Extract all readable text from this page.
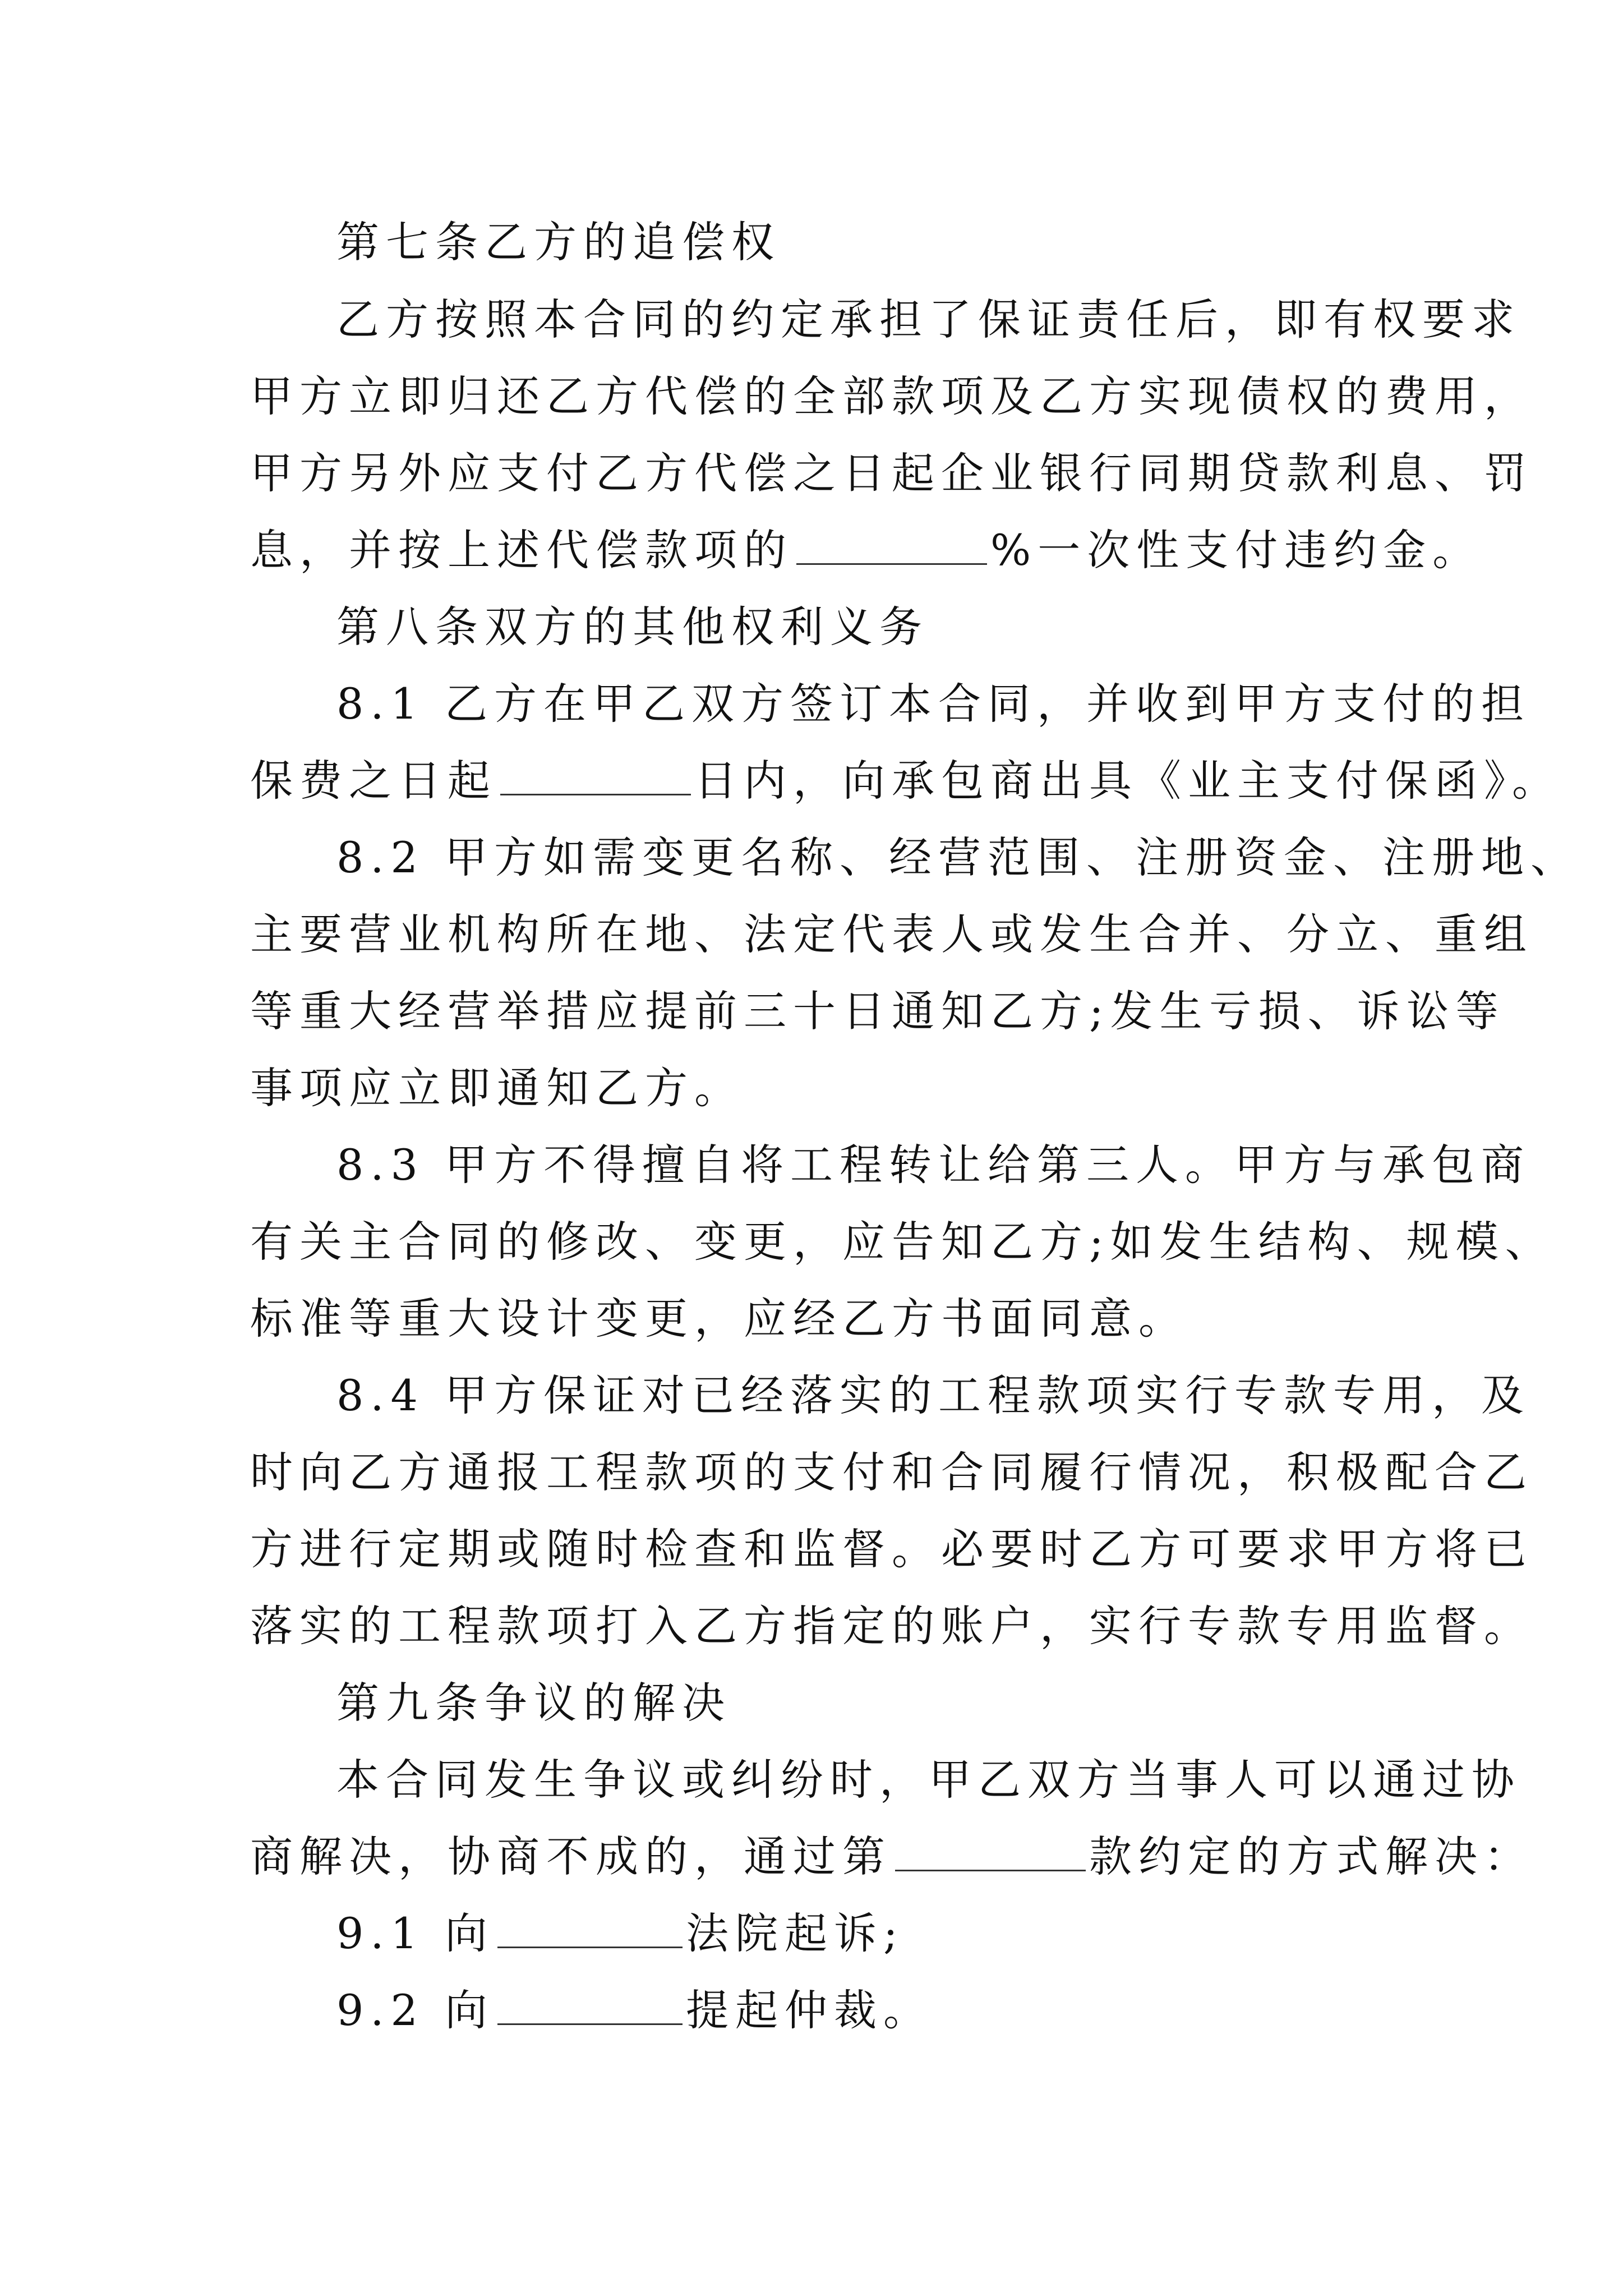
第七条乙方的追偿权

乙方按照本合同的约定承担了保证责任后，即有权要求

甲方立即归还乙方代偿的全部款项及乙方实现债权的费用，

甲方另外应支付乙方代偿之日起企业银行同期贷款利息、罚

息，并按上述代偿款项的	%一次性支付违约金。

第八条双方的其他权利义务

8.1 乙方在甲乙双方签订本合同，并收到甲方支付的担

保费之日起	日内，向承包商出具《业主支付保函》。

8.2 甲方如需变更名称、经营范围、注册资金、注册地、

主要营业机构所在地、法定代表人或发生合并、分立、重组

等重大经营举措应提前三十日通知乙方;发生亏损、诉讼等

事项应立即通知乙方。

8.3 甲方不得擅自将工程转让给第三人。甲方与承包商

有关主合同的修改、变更，应告知乙方;如发生结构、规模、

标准等重大设计变更，应经乙方书面同意。

8.4 甲方保证对已经落实的工程款项实行专款专用，及

时向乙方通报工程款项的支付和合同履行情况，积极配合乙

方进行定期或随时检查和监督。必要时乙方可要求甲方将已

落实的工程款项打入乙方指定的账户，实行专款专用监督。

第九条争议的解决

本合同发生争议或纠纷时，甲乙双方当事人可以通过协

商解决，协商不成的，通过第	款约定的方式解决：

9.1 向	法院起诉;

9.2 向	提起仲裁。
